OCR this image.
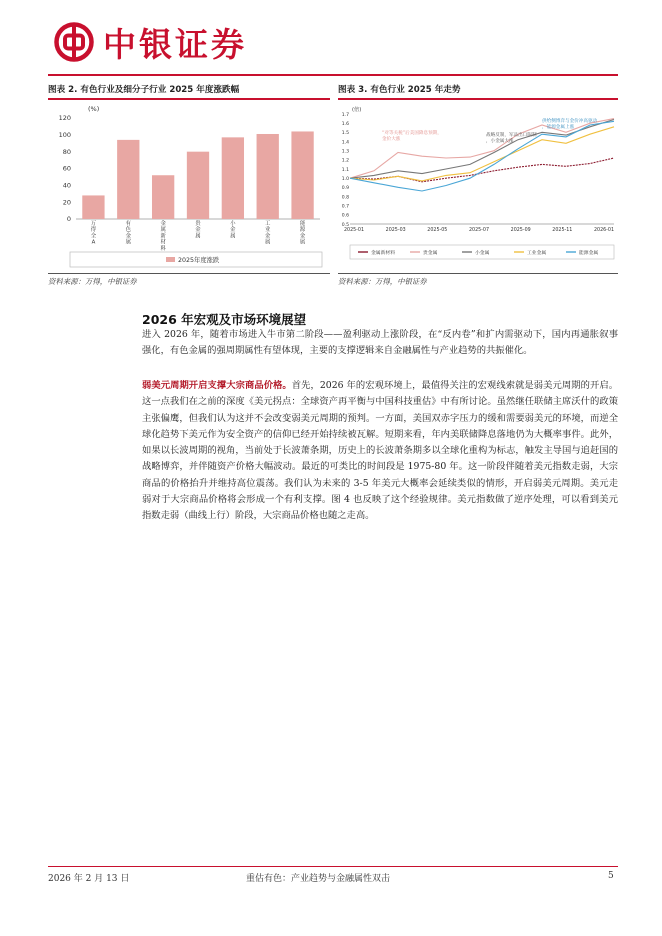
中银证券
图表 2. 有色行业及细分子行业 2025 年度涨跌幅
(%)
0
20
40
60
80
100
120
万得全 A
有色金属
金属新材料
贵金属
小金属
工业金属
能源金属
2025年度涨跌
资料来源：万得，中银证券
图表 3. 有色行业 2025 年走势
(倍)
0.5
0.6
0.7
0.8
0.9
1.0
1.1
1.2
1.3
1.4
1.5
1.6
1.7
2025-01	2025-03	2025-05	2025-07	2025-09	2025-11	2026-01
“对等关税”后美国降息预期，金价大涨
战略反制，军品出口限制，小金属大涨
供给侧博弈与金价冲高驱动，能源金属上涨
金属新材料	贵金属	小金属	工业金属	能源金属
资料来源：万得，中银证券
2026 年宏观及市场环境展望
进入 2026 年，随着市场进入牛市第二阶段——盈利驱动上涨阶段，在“反内卷”和扩内需驱动下，国内再通胀叙事强化，有色金属的强周期属性有望体现，主要的支撑逻辑来自金融属性与产业趋势的共振催化。
弱美元周期开启支撑大宗商品价格。首先，2026 年的宏观环境上，最值得关注的宏观线索就是弱美元周期的开启。这一点我们在之前的深度《美元拐点：全球资产再平衡与中国科技重估》中有所讨论。虽然继任联储主席沃什的政策主张偏鹰，但我们认为这并不会改变弱美元周期的预判。一方面，美国双赤字压力的缓和需要弱美元的环境，而逆全球化趋势下美元作为安全资产的信仰已经开始持续被瓦解。短期来看，年内美联储降息落地仍为大概率事件。此外，如果以长波周期的视角，当前处于长波萧条期，历史上的长波萧条期多以全球化重构为标志，触发主导国与追赶国的战略博弈，并伴随资产价格大幅波动。最近的可类比的时间段是 1975-80 年。这一阶段伴随着美元指数走弱，大宗商品的价格抬升并维持高位震荡。我们认为未来的 3-5 年美元大概率会延续类似的情形，开启弱美元周期。美元走弱对于大宗商品价格将会形成一个有利支撑。图 4 也反映了这个经验规律。美元指数做了逆序处理，可以看到美元指数走弱（曲线上行）阶段，大宗商品价格也随之走高。
2026 年 2 月 13 日	重估有色：产业趋势与金融属性双击	5
